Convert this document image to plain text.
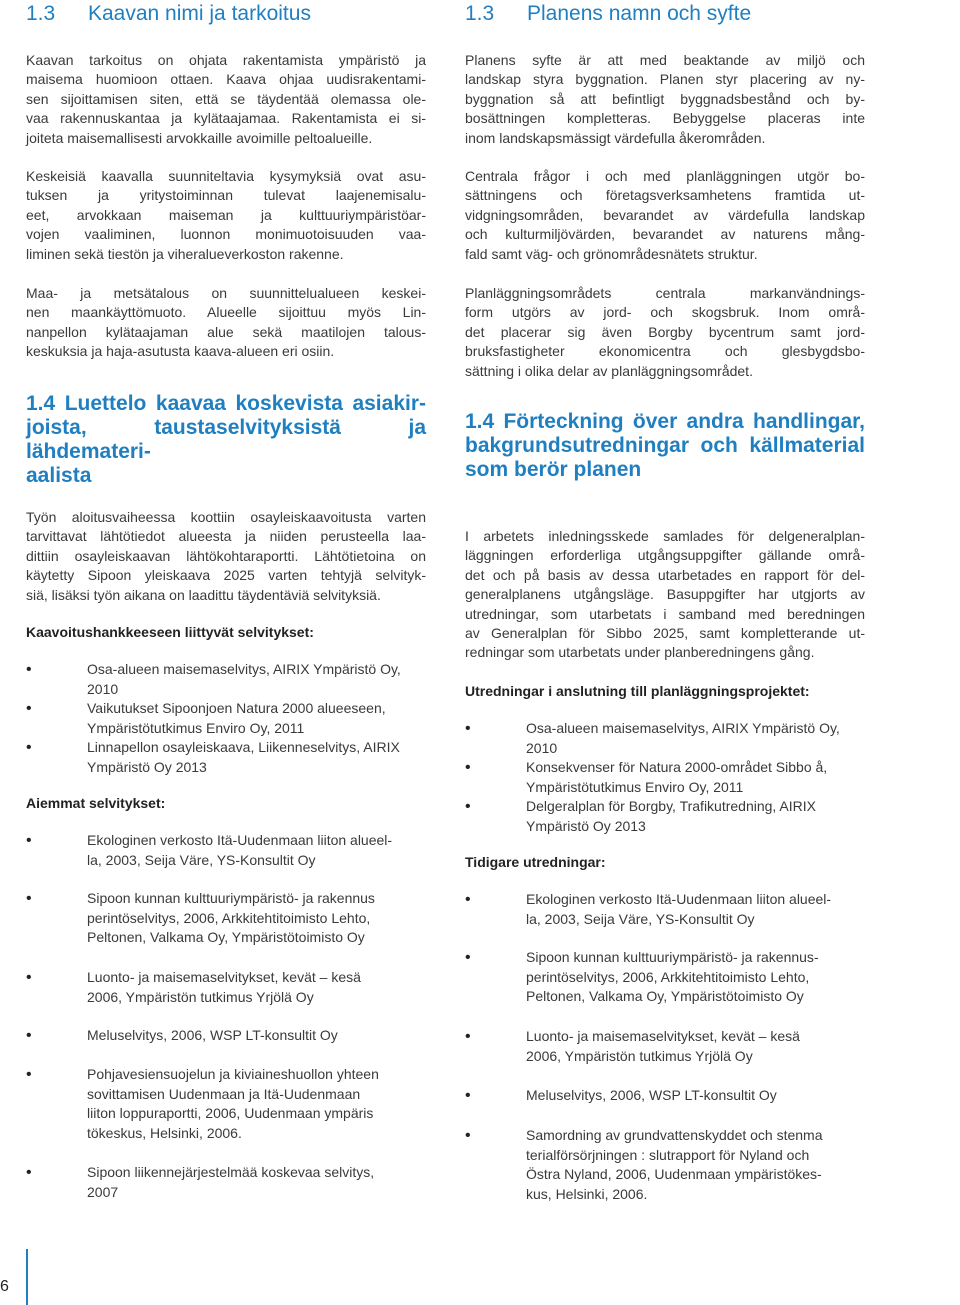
1.3 Kaavan nimi ja tarkoitus

Kaavan tarkoitus on ohjata rakentamista ympäristö ja
maisema huomioon ottaen. Kaava ohjaa uudisrakentami-
sen sijoittamisen siten, että se täydentää olemassa ole-
vaa rakennuskantaa ja kylätaajamaa. Rakentamista ei si-
joiteta maisemallisesti arvokkaille avoimille peltoalueille.

Keskeisiä kaavalla suunniteltavia kysymyksiä ovat asu-
tuksen ja yritystoiminnan tulevat laajenemisalu-
eet, arvokkaan maiseman ja kulttuuriympäristöar-
vojen vaaliminen, luonnon monimuotoisuuden vaa-
liminen sekä tiestön ja viheralueverkoston rakenne.

Maa- ja metsätalous on suunnittelualueen keskei-
nen maankäyttömuoto. Alueelle sijoittuu myös Lin-
nanpellon kylätaajaman alue sekä maatilojen talous-
keskuksia ja haja-asutusta kaava-alueen eri osiin.

1.4 Luettelo kaavaa koskevista asiakir-
joista, taustaselvityksistä ja lähdemateri-
aalista

Työn aloitusvaiheessa koottiin osayleiskaavoitusta varten
tarvittavat lähtötiedot alueesta ja niiden perusteella laa-
dittiin osayleiskaavan lähtökohtaraportti. Lähtötietoina on
käytetty Sipoon yleiskaava 2025 varten tehtyjä selvityk-
siä, lisäksi työn aikana on laadittu täydentäviä selvityksiä.

Kaavoitushankkeeseen liittyvät selvitykset:
•	Osa-alueen maisemaselvitys, AIRIX Ympäristö Oy,
2010
•	Vaikutukset Sipoonjoen Natura 2000 alueeseen,
Ympäristötutkimus Enviro Oy, 2011
•	Linnapellon osayleiskaava, Liikenneselvitys, AIRIX
Ympäristö Oy 2013
Aiemmat selvitykset:
•	Ekologinen verkosto Itä-Uudenmaan liiton alueel-
la, 2003, Seija Väre, YS-Konsultit Oy
•	Sipoon kunnan kulttuuriympäristö- ja rakennus
perintöselvitys, 2006, Arkkitehtitoimisto Lehto,
Peltonen, Valkama Oy, Ympäristötoimisto Oy
•	Luonto- ja maisemaselvitykset, kevät – kesä
2006, Ympäristön tutkimus Yrjölä Oy
•	Meluselvitys, 2006, WSP LT-konsultit Oy
•	Pohjavesiensuojelun ja kiviaineshuollon yhteen
sovittamisen Uudenmaan ja Itä-Uudenmaan
liiton loppuraportti, 2006, Uudenmaan ympäris
tökeskus, Helsinki, 2006.
•	Sipoon liikennejärjestelmää koskevaa selvitys,
2007
1.3 Planens namn och syfte

Planens syfte är att med beaktande av miljö och
landskap styra byggnation. Planen styr placering av ny-
byggnation så att befintligt byggnadsbestånd och by-
bosättningen kompletteras. Bebyggelse placeras inte
inom landskapsmässigt värdefulla åkerområden.

Centrala frågor i och med planläggningen utgör bo-
sättningens och företagsverksamhetens framtida ut-
vidgningsområden, bevarandet av värdefulla landskap
och kulturmiljövärden, bevarandet av naturens mång-
fald samt väg- och grönområdesnätets struktur.

Planläggningsområdets centrala markanvändnings-
form utgörs av jord- och skogsbruk. Inom områ-
det placerar sig även Borgby bycentrum samt jord-
bruksfastigheter ekonomicentra och glesbygdsbo-
sättning i olika delar av planläggningsområdet.

1.4 Förteckning över andra handlingar,
bakgrundsutredningar och källmaterial
som berör planen

I arbetets inledningsskede samlades för delgeneralplan-
läggningen erforderliga utgångsuppgifter gällande områ-
det och på basis av dessa utarbetades en rapport för del-
generalplanens utgångsläge. Basuppgifter har utgjorts av
utredningar, som utarbetats i samband med beredningen
av Generalplan för Sibbo 2025, samt kompletterande ut-
redningar som utarbetats under planberedningens gång.

Utredningar i anslutning till planläggningsprojektet:
•	Osa-alueen maisemaselvitys, AIRIX Ympäristö Oy,
2010
•	Konsekvenser för Natura 2000-området Sibbo å,
Ympäristötutkimus Enviro Oy, 2011
•	Delgeralplan för Borgby, Trafikutredning, AIRIX
Ympäristö Oy 2013
Tidigare utredningar:
•	Ekologinen verkosto Itä-Uudenmaan liiton alueel-
la, 2003, Seija Väre, YS-Konsultit Oy
•	Sipoon kunnan kulttuuriympäristö- ja rakennus-
perintöselvitys, 2006, Arkkitehtitoimisto Lehto,
Peltonen, Valkama Oy, Ympäristötoimisto Oy
•	Luonto- ja maisemaselvitykset, kevät – kesä
2006, Ympäristön tutkimus Yrjölä Oy
•	Meluselvitys, 2006, WSP LT-konsultit Oy
•	Samordning av grundvattenskyddet och stenma
terialförsörjningen : slutrapport för Nyland och
Östra Nyland, 2006, Uudenmaan ympäristökes-
kus, Helsinki, 2006.
6
